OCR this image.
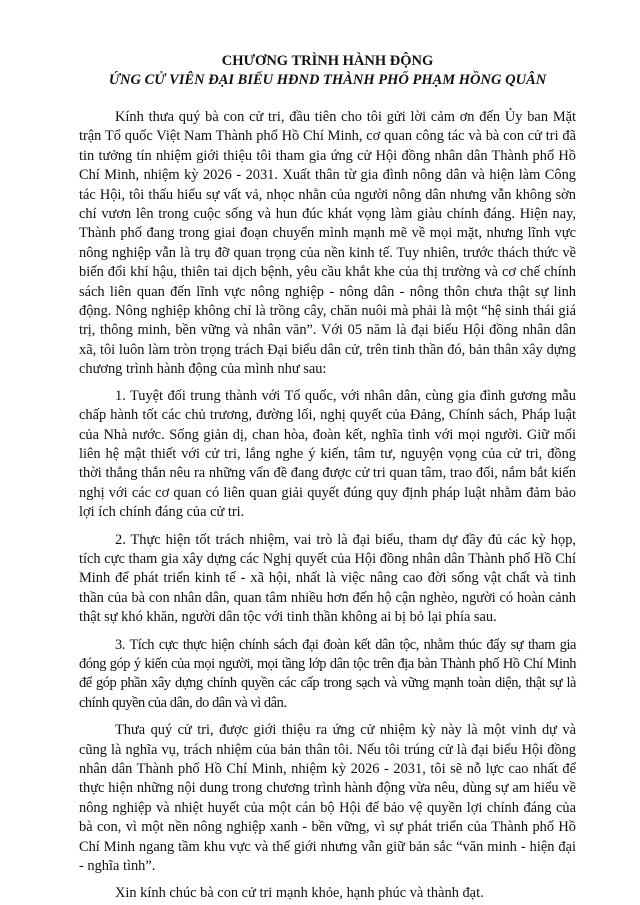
CHƯƠNG TRÌNH HÀNH ĐỘNG
ỨNG CỬ VIÊN ĐẠI BIỂU HĐND THÀNH PHỐ PHẠM HỒNG QUÂN

Kính thưa quý bà con cử tri, đầu tiên cho tôi gửi lời cảm ơn đến Ủy ban Mặt trận Tổ quốc Việt Nam Thành phố Hồ Chí Minh, cơ quan công tác và bà con cử tri đã tin tưởng tín nhiệm giới thiệu tôi tham gia ứng cử Hội đồng nhân dân Thành phố Hồ Chí Minh, nhiệm kỳ 2026 - 2031. Xuất thân từ gia đình nông dân và hiện làm Công tác Hội, tôi thấu hiểu sự vất vả, nhọc nhằn của người nông dân nhưng vẫn không sờn chí vươn lên trong cuộc sống và hun đúc khát vọng làm giàu chính đáng. Hiện nay, Thành phố đang trong giai đoạn chuyển mình mạnh mẽ về mọi mặt, nhưng lĩnh vực nông nghiệp vẫn là trụ đỡ quan trọng của nền kinh tế. Tuy nhiên, trước thách thức về biến đổi khí hậu, thiên tai dịch bệnh, yêu cầu khắt khe của thị trường và cơ chế chính sách liên quan đến lĩnh vực nông nghiệp - nông dân - nông thôn chưa thật sự linh động. Nông nghiệp không chỉ là trồng cây, chăn nuôi mà phải là một “hệ sinh thái giá trị, thông minh, bền vững và nhân văn”. Với 05 năm là đại biểu Hội đồng nhân dân xã, tôi luôn làm tròn trọng trách Đại biểu dân cử, trên tinh thần đó, bản thân xây dựng chương trình hành động của mình như sau:

1. Tuyệt đối trung thành với Tổ quốc, với nhân dân, cùng gia đình gương mẫu chấp hành tốt các chủ trương, đường lối, nghị quyết của Đảng, Chính sách, Pháp luật của Nhà nước. Sống giản dị, chan hòa, đoàn kết, nghĩa tình với mọi người. Giữ mối liên hệ mật thiết với cử tri, lắng nghe ý kiến, tâm tư, nguyện vọng của cử tri, đồng thời thẳng thắn nêu ra những vấn đề đang được cử tri quan tâm, trao đổi, nắm bắt kiến nghị với các cơ quan có liên quan giải quyết đúng quy định pháp luật nhằm đảm bảo lợi ích chính đáng của cử tri.

2. Thực hiện tốt trách nhiệm, vai trò là đại biểu, tham dự đầy đủ các kỳ họp, tích cực tham gia xây dựng các Nghị quyết của Hội đồng nhân dân Thành phố Hồ Chí Minh để phát triển kinh tế - xã hội, nhất là việc nâng cao đời sống vật chất và tinh thần của bà con nhân dân, quan tâm nhiều hơn đến hộ cận nghèo, người có hoàn cảnh thật sự khó khăn, người dân tộc với tinh thần không ai bị bỏ lại phía sau.

3. Tích cực thực hiện chính sách đại đoàn kết dân tộc, nhằm thúc đẩy sự tham gia đóng góp ý kiến của mọi người, mọi tầng lớp dân tộc trên địa bàn Thành phố Hồ Chí Minh để góp phần xây dựng chính quyền các cấp trong sạch và vững mạnh toàn diện, thật sự là chính quyền của dân, do dân và vì dân.

Thưa quý cử tri, được giới thiệu ra ứng cử nhiệm kỳ này là một vinh dự và cũng là nghĩa vụ, trách nhiệm của bản thân tôi. Nếu tôi trúng cử là đại biểu Hội đồng nhân dân Thành phố Hồ Chí Minh, nhiệm kỳ 2026 - 2031, tôi sẽ nỗ lực cao nhất để thực hiện những nội dung trong chương trình hành động vừa nêu, dùng sự am hiểu về nông nghiệp và nhiệt huyết của một cán bộ Hội để bảo vệ quyền lợi chính đáng của bà con, vì một nền nông nghiệp xanh - bền vững, vì sự phát triển của Thành phố Hồ Chí Minh ngang tầm khu vực và thế giới nhưng vẫn giữ bản sắc “văn minh - hiện đại - nghĩa tình”.

Xin kính chúc bà con cử tri mạnh khỏe, hạnh phúc và thành đạt.
